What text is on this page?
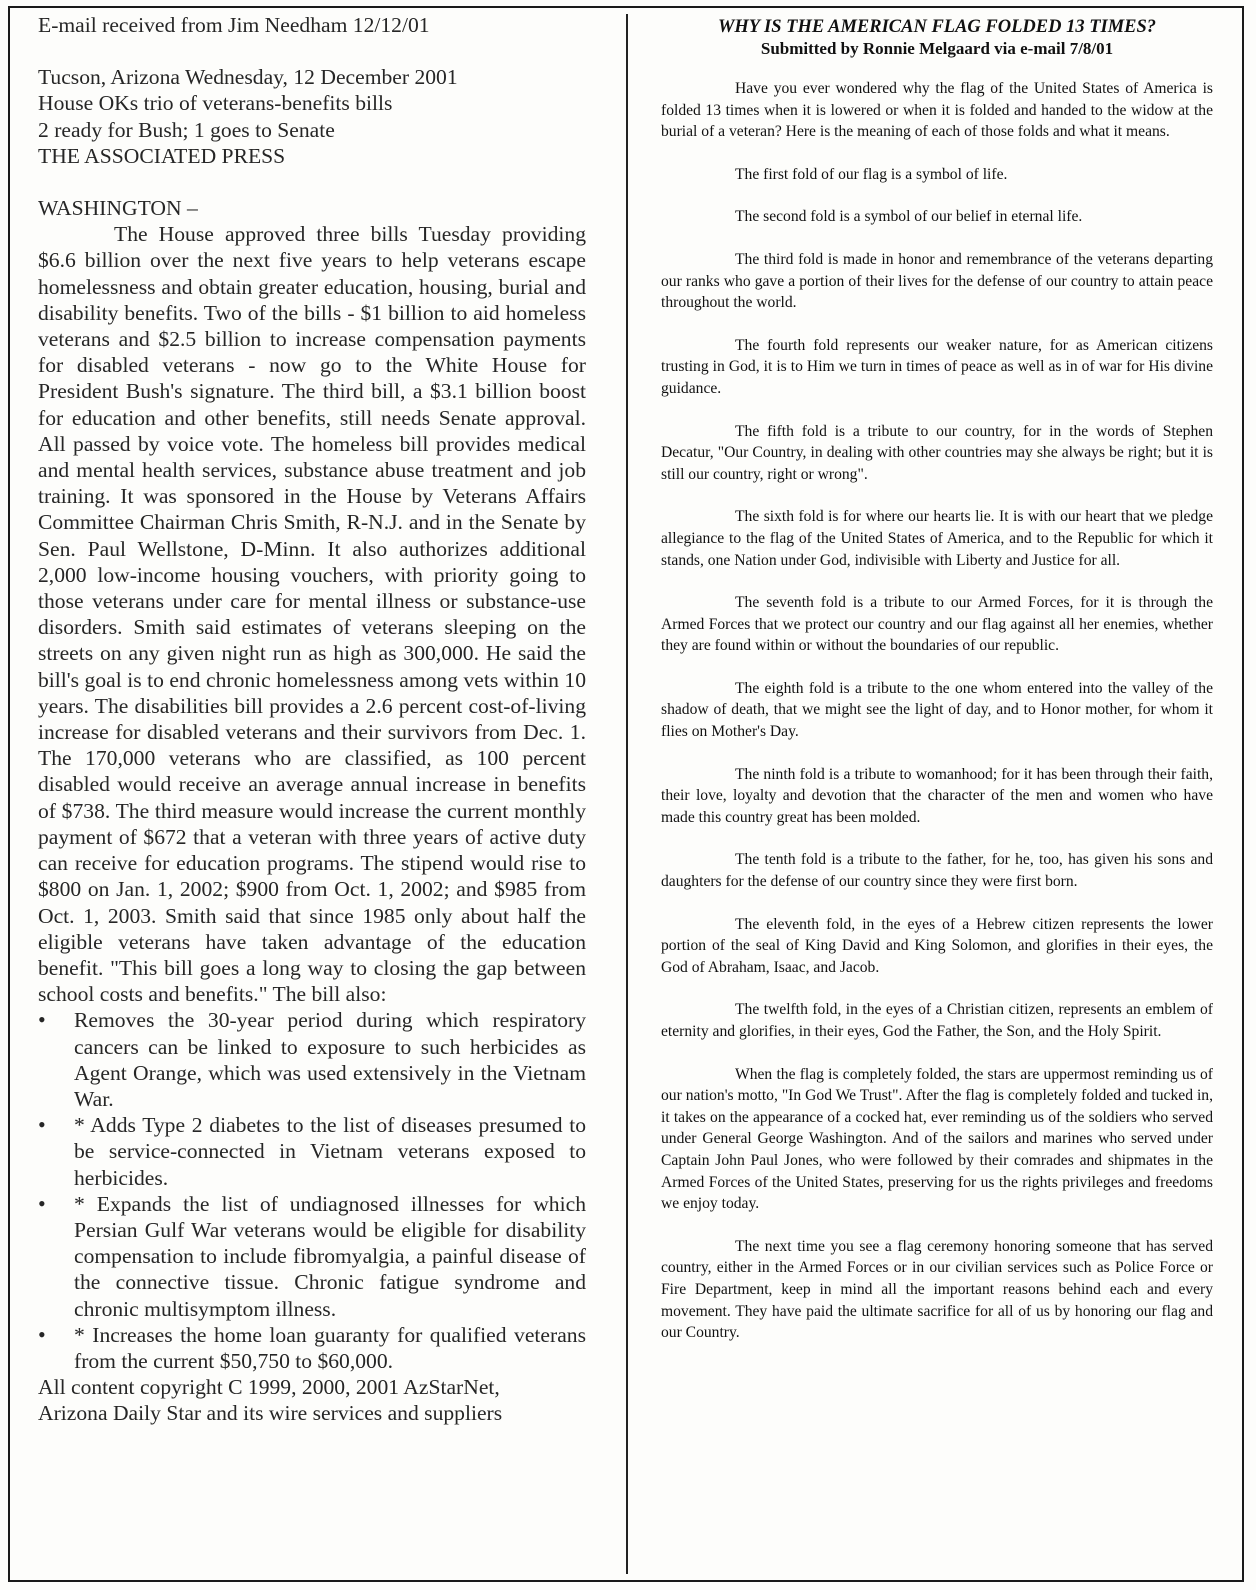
E-mail received from Jim Needham 12/12/01

Tucson, Arizona Wednesday, 12 December 2001

House OKs trio of veterans-benefits bills

2 ready for Bush; 1 goes to Senate

THE ASSOCIATED PRESS

WASHINGTON –

The House approved three bills Tuesday providing $6.6 billion over the next five years to help veterans escape homelessness and obtain greater education, housing, burial and disability benefits. Two of the bills - $1 billion to aid homeless veterans and $2.5 billion to increase compensation payments for disabled veterans - now go to the White House for President Bush's signature. The third bill, a $3.1 billion boost for education and other benefits, still needs Senate approval. All passed by voice vote. The homeless bill provides medical and mental health services, substance abuse treatment and job training. It was sponsored in the House by Veterans Affairs Committee Chairman Chris Smith, R-N.J. and in the Senate by Sen. Paul Wellstone, D-Minn. It also authorizes additional 2,000 low-income housing vouchers, with priority going to those veterans under care for mental illness or substance-use disorders. Smith said estimates of veterans sleeping on the streets on any given night run as high as 300,000. He said the bill's goal is to end chronic homelessness among vets within 10 years. The disabilities bill provides a 2.6 percent cost-of-living increase for disabled veterans and their survivors from Dec. 1. The 170,000 veterans who are classified, as 100 percent disabled would receive an average annual increase in benefits of $738. The third measure would increase the current monthly payment of $672 that a veteran with three years of active duty can receive for education programs. The stipend would rise to $800 on Jan. 1, 2002; $900 from Oct. 1, 2002; and $985 from Oct. 1, 2003. Smith said that since 1985 only about half the eligible veterans have taken advantage of the education benefit. "This bill goes a long way to closing the gap between school costs and benefits." The bill also:

• Removes the 30-year period during which respiratory cancers can be linked to exposure to such herbicides as Agent Orange, which was used extensively in the Vietnam War.
• * Adds Type 2 diabetes to the list of diseases presumed to be service-connected in Vietnam veterans exposed to herbicides.
• * Expands the list of undiagnosed illnesses for which Persian Gulf War veterans would be eligible for disability compensation to include fibromyalgia, a painful disease of the connective tissue. Chronic fatigue syndrome and chronic multisymptom illness.
• * Increases the home loan guaranty for qualified veterans from the current $50,750 to $60,000.

All content copyright C 1999, 2000, 2001 AzStarNet,

Arizona Daily Star and its wire services and suppliers

WHY IS THE AMERICAN FLAG FOLDED 13 TIMES?
Submitted by Ronnie Melgaard via e-mail 7/8/01

Have you ever wondered why the flag of the United States of America is folded 13 times when it is lowered or when it is folded and handed to the widow at the burial of a veteran? Here is the meaning of each of those folds and what it means.

The first fold of our flag is a symbol of life.

The second fold is a symbol of our belief in eternal life.

The third fold is made in honor and remembrance of the veterans departing our ranks who gave a portion of their lives for the defense of our country to attain peace throughout the world.

The fourth fold represents our weaker nature, for as American citizens trusting in God, it is to Him we turn in times of peace as well as in of war for His divine guidance.

The fifth fold is a tribute to our country, for in the words of Stephen Decatur, "Our Country, in dealing with other countries may she always be right; but it is still our country, right or wrong".

The sixth fold is for where our hearts lie. It is with our heart that we pledge allegiance to the flag of the United States of America, and to the Republic for which it stands, one Nation under God, indivisible with Liberty and Justice for all.

The seventh fold is a tribute to our Armed Forces, for it is through the Armed Forces that we protect our country and our flag against all her enemies, whether they are found within or without the boundaries of our republic.

The eighth fold is a tribute to the one whom entered into the valley of the shadow of death, that we might see the light of day, and to Honor mother, for whom it flies on Mother's Day.

The ninth fold is a tribute to womanhood; for it has been through their faith, their love, loyalty and devotion that the character of the men and women who have made this country great has been molded.

The tenth fold is a tribute to the father, for he, too, has given his sons and daughters for the defense of our country since they were first born.

The eleventh fold, in the eyes of a Hebrew citizen represents the lower portion of the seal of King David and King Solomon, and glorifies in their eyes, the God of Abraham, Isaac, and Jacob.

The twelfth fold, in the eyes of a Christian citizen, represents an emblem of eternity and glorifies, in their eyes, God the Father, the Son, and the Holy Spirit.

When the flag is completely folded, the stars are uppermost reminding us of our nation's motto, "In God We Trust". After the flag is completely folded and tucked in, it takes on the appearance of a cocked hat, ever reminding us of the soldiers who served under General George Washington. And of the sailors and marines who served under Captain John Paul Jones, who were followed by their comrades and shipmates in the Armed Forces of the United States, preserving for us the rights privileges and freedoms we enjoy today.

The next time you see a flag ceremony honoring someone that has served country, either in the Armed Forces or in our civilian services such as Police Force or Fire Department, keep in mind all the important reasons behind each and every movement. They have paid the ultimate sacrifice for all of us by honoring our flag and our Country.
